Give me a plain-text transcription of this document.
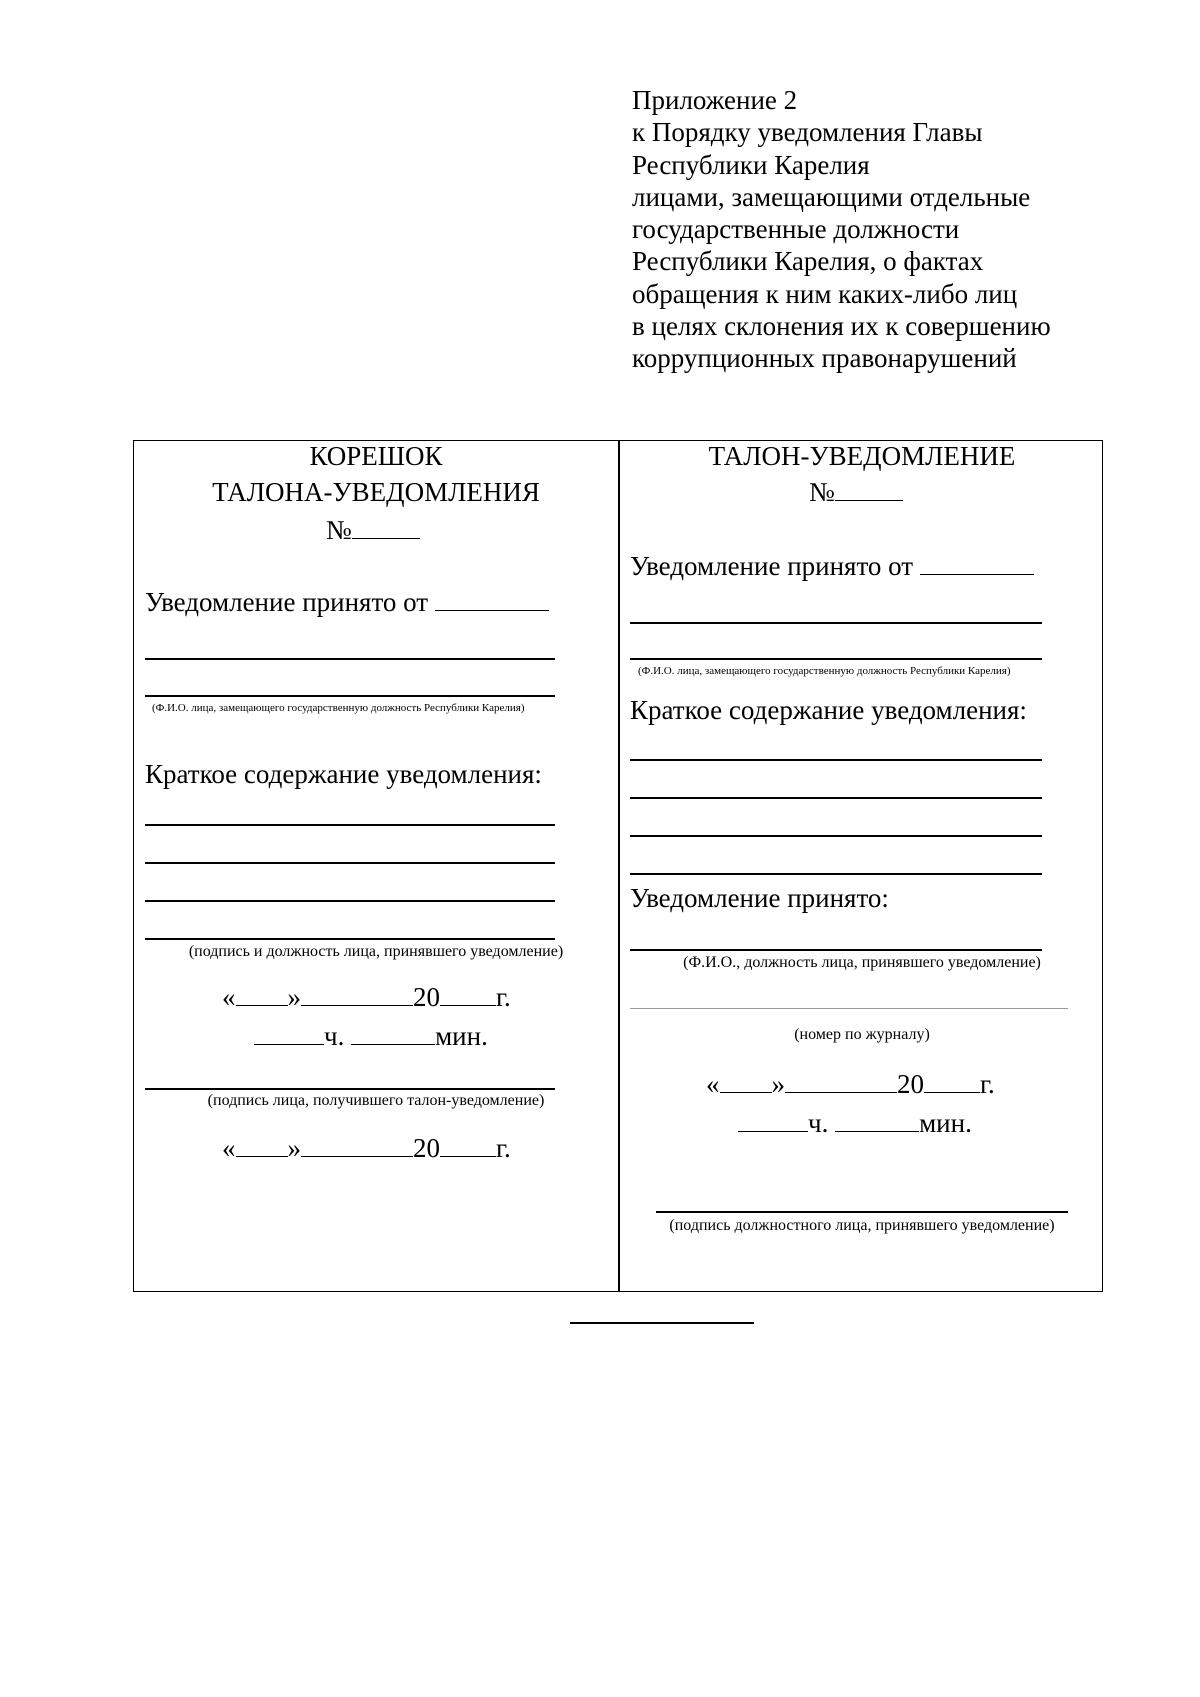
Приложение 2
к Порядку уведомления Главы
Республики Карелия
лицами, замещающими отдельные
государственные должности
Республики Карелия, о фактах
обращения к ним каких-либо лиц
в целях склонения их к совершению
коррупционных правонарушений
КОРЕШОК
ТАЛОНА-УВЕДОМЛЕНИЯ
№
Уведомление принято от
(Ф.И.О. лица, замещающего государственную должность Республики Карелия)
Краткое содержание уведомления:
(подпись и должность лица, принявшего уведомление)
« »	20 г.
ч.	мин.
(подпись лица, получившего талон-уведомление)
« »	20 г.
ТАЛОН-УВЕДОМЛЕНИЕ
№
Уведомление принято от
(Ф.И.О. лица, замещающего государственную должность Республики Карелия)
Краткое содержание уведомления:
Уведомление принято:
(Ф.И.О., должность лица, принявшего уведомление)
(номер по журналу)
« »	20 г.
ч.	мин.
(подпись должностного лица, принявшего уведомление)
